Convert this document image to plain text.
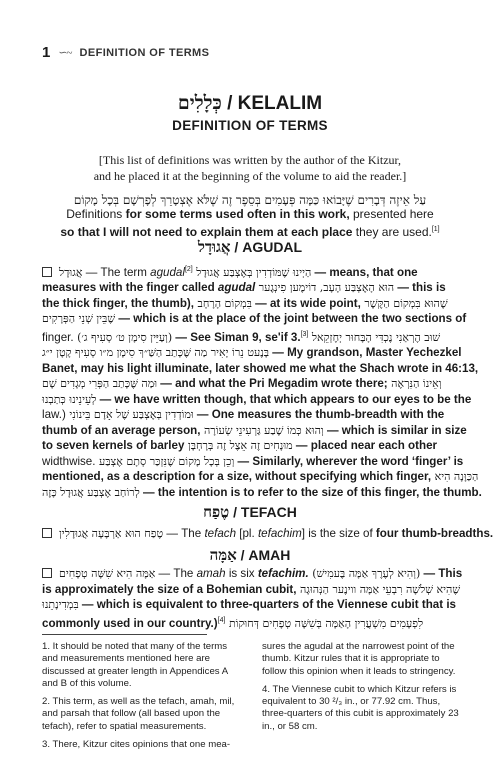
1 ∽~ DEFINITION OF TERMS
כְּלָלִים / KELALIM
DEFINITION OF TERMS
[This list of definitions was written by the author of the Kitzur,
and he placed it at the beginning of the volume to aid the reader.]
עַל אֵיזֶה דְּבָרִים שֶׁיָּבוֹאוּ כַּמָּה פְּעָמִים בְּסֵפֶר זֶה שֶׁלֹּא אֶצְטָרֵךְ לְפָרְשָׁם בְּכָל מָקוֹם
Definitions for some terms used often in this work, presented here
so that I will not need to explain them at each place they are used.[1]
אֲגוּדָל / AGUDAL
אֲגוּדָל — The term agudal[2] הַיְינוּ שֶׁמּוֹדְדִין בְּאֶצְבַּע אֲגוּדָל — means, that one
measures with the finger called agudal הוּא הָאֶצְבַּע הָעָב, דוֹימֶען פִינְגֶער — this is
the thick finger, the thumb), בִּמְקוֹם הָרָחָב — at its wide point, שֶׁהוּא בִּמְקוֹם הַקֶּשֶׁר
שֶׁבֵּין שְׁנֵי הַפְּרָקִים — which is at the place of the joint between the two sections of
finger. (וְעַיֵּין סִימָן ט׳ סְעִיף ג׳) — See Siman 9, se'if 3.[3] שׁוּב הֶרְאַנִי נֶכְדִּי הָבָּחוּר יְחֶזְקֵאל
בָּנֶעט נֵרוֹ יָאִיר מַה שֶּׁכָּתַב הַשַּׁ״ךְ סִימָן מ״ו סְעִיף קָטָן י״ג — My grandson, Master Yechezkel
Banet, may his light illuminate, later showed me what the Shach wrote in 46:13,
וּמַה שֶּׁכָּתַב הַפְּרִי מְגָדִים שָׁם — and what the Pri Megadim wrote there; וְאֵינוֹ הַנִּרְאֶה
לְעֵינֵינוּ כְּתַבְנוּ — we have written though, that which appears to our eyes to be the
law.) וּמוֹדְדִין בְּאֶצְבַּע שֶׁל אָדָם בֵּינוֹנִי — One measures the thumb-breadth with the
thumb of an average person, וְהוּא כְּמוֹ שֶׁבַע גַּרְעִינֵי שְׂעוֹרָה — which is similar in size
to seven kernels of barley מוּנָחִים זֶה אֵצֶל זֶה בְּרָחְבָּן — placed near each other
widthwise. וְכֵן בְּכָל מָקוֹם שֶׁנִּזְכַּר סְתָם אֶצְבַּע — Similarly, wherever the word ‘finger’ is
mentioned, as a description for a size, without specifying which finger, הַכַּוָּנָה הִיא
לְרוֹחַב אֶצְבַּע אֲגוּדָל כָּזֶה — the intention is to refer to the size of this finger, the thumb.
טֶפַח / TEFACH
טֶפַח הוּא אַרְבָּעָה אֲגוּדָלִין — The tefach [pl. tefachim] is the size of four thumb-breadths.
אַמָּה / AMAH
אַמָּה הִיא שִׁשָּׁה טְפָחִים — The amah is six tefachim. (וְהִיא לְעֶרֶךְ אַמָּה בֶּעמִישׁ) — This
is approximately the size of a Bohemian cubit, שֶׁהִיא שְׁלֹשָׁה רִבְעֵי אַמָּה ווינֶער הַנְּהוּגָה
בִּמְדִינָתֵנוּ — which is equivalent to three-quarters of the Viennese cubit that is
commonly used in our country.)[4] לִפְעָמִים מִשְׁעֲרִין הָאַמָּה בְּשִׁשָּׁה טְפָחִים דְּחוּקוֹת
1. It should be noted that many of the terms and measurements mentioned here are discussed at greater length in Appendices A and B of this volume.
2. This term, as well as the tefach, amah, mil, and parsah that follow (all based upon the tefach), refer to spatial measurements.
3. There, Kitzur cites opinions that one mea-
sures the agudal at the narrowest point of the thumb. Kitzur rules that it is appropriate to follow this opinion when it leads to stringency.
4. The Viennese cubit to which Kitzur refers is equivalent to 30 ²/₃ in., or 77.92 cm. Thus, three-quarters of this cubit is approximately 23 in., or 58 cm.
